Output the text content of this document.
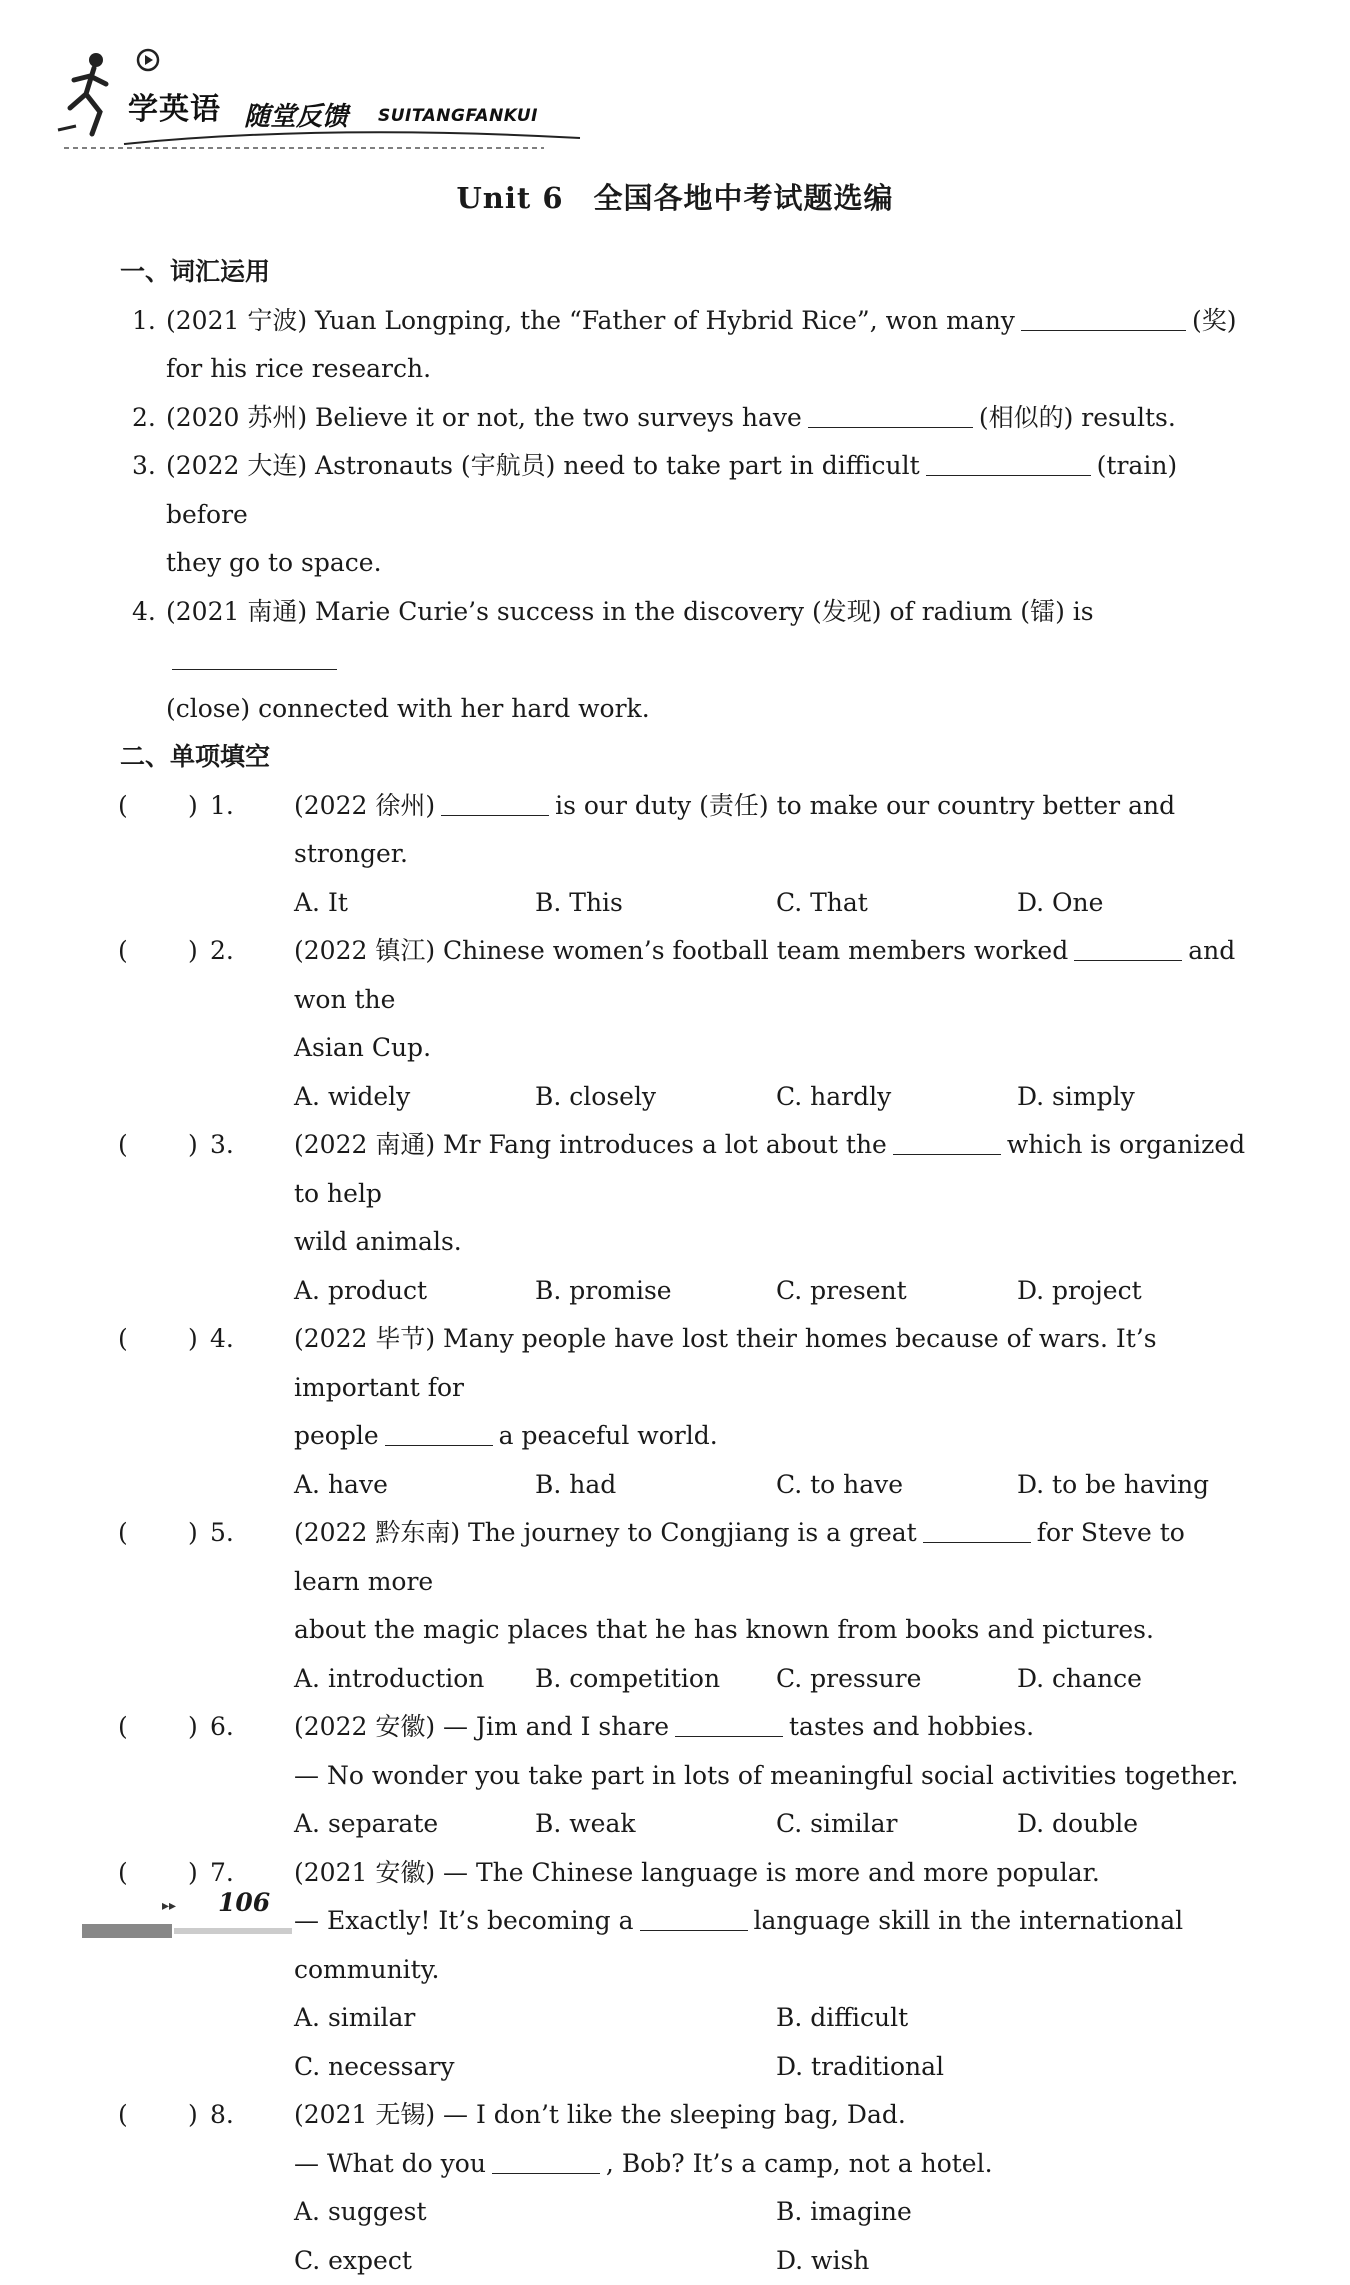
学英语 随堂反馈 SUITANGFANKUI
Unit 6　全国各地中考试题选编
一、词汇运用
1. (2021 宁波) Yuan Longping, the “Father of Hybrid Rice”, won many	(奖)
for his rice research.
2. (2020 苏州) Believe it or not, the two surveys have	(相似的) results.
3. (2022 大连) Astronauts (宇航员) need to take part in difficult	(train) before
they go to space.
4. (2021 南通) Marie Curie’s success in the discovery (发现) of radium (镭) is
(close) connected with her hard work.
二、单项填空
( ) 1.	(2022 徐州)	is our duty (责任) to make our country better and stronger.
A. It	B. This	C. That	D. One
( ) 2.	(2022 镇江) Chinese women’s football team members worked	and won the
Asian Cup.
A. widely	B. closely	C. hardly	D. simply
( ) 3.	(2022 南通) Mr Fang introduces a lot about the	which is organized to help
wild animals.
A. product	B. promise	C. present	D. project
( ) 4.	(2022 毕节) Many people have lost their homes because of wars. It’s important for
people	a peaceful world.
A. have	B. had	C. to have	D. to be having
( ) 5.	(2022 黔东南) The journey to Congjiang is a great	for Steve to learn more
about the magic places that he has known from books and pictures.
A. introduction	B. competition	C. pressure	D. chance
( ) 6.	(2022 安徽) — Jim and I share	tastes and hobbies.
— No wonder you take part in lots of meaningful social activities together.
A. separate	B. weak	C. similar	D. double
( ) 7.	(2021 安徽) — The Chinese language is more and more popular.
— Exactly! It’s becoming a	language skill in the international community.
A. similar	B. difficult
C. necessary	D. traditional
( ) 8.	(2021 无锡) — I don’t like the sleeping bag, Dad.
— What do you	, Bob? It’s a camp, not a hotel.
A. suggest	B. imagine
C. expect	D. wish
▸▸ 106
